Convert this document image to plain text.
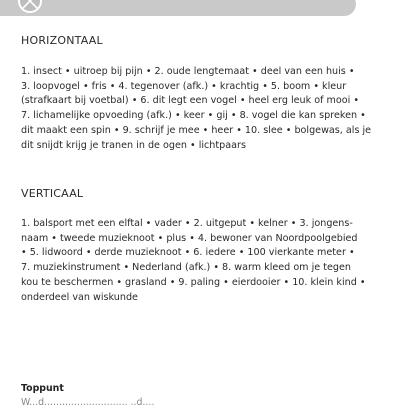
HORIZONTAAL
1. insect • uitroep bij pijn • 2. oude lengtemaat • deel van een huis •
3. loopvogel • fris • 4. tegenover (afk.) • krachtig • 5. boom • kleur
(strafkaart bij voetbal) • 6. dit legt een vogel • heel erg leuk of mooi •
7. lichamelijke opvoeding (afk.) • keer • gij • 8. vogel die kan spreken •
dit maakt een spin • 9. schrijf je mee • heer • 10. slee • bolgewas, als je
dit snijdt krijg je tranen in de ogen • lichtpaars
VERTICAAL
1. balsport met een elftal • vader • 2. uitgeput • kelner • 3. jongens-
naam • tweede muzieknoot • plus • 4. bewoner van Noordpoolgebied
• 5. lidwoord • derde muzieknoot • 6. iedere • 100 vierkante meter •
7. muziekinstrument • Nederland (afk.) • 8. warm kleed om je tegen
kou te beschermen • grasland • 9. paling • eierdooier • 10. klein kind •
onderdeel van wiskunde
Toppunt
W...d............................ ..d....
